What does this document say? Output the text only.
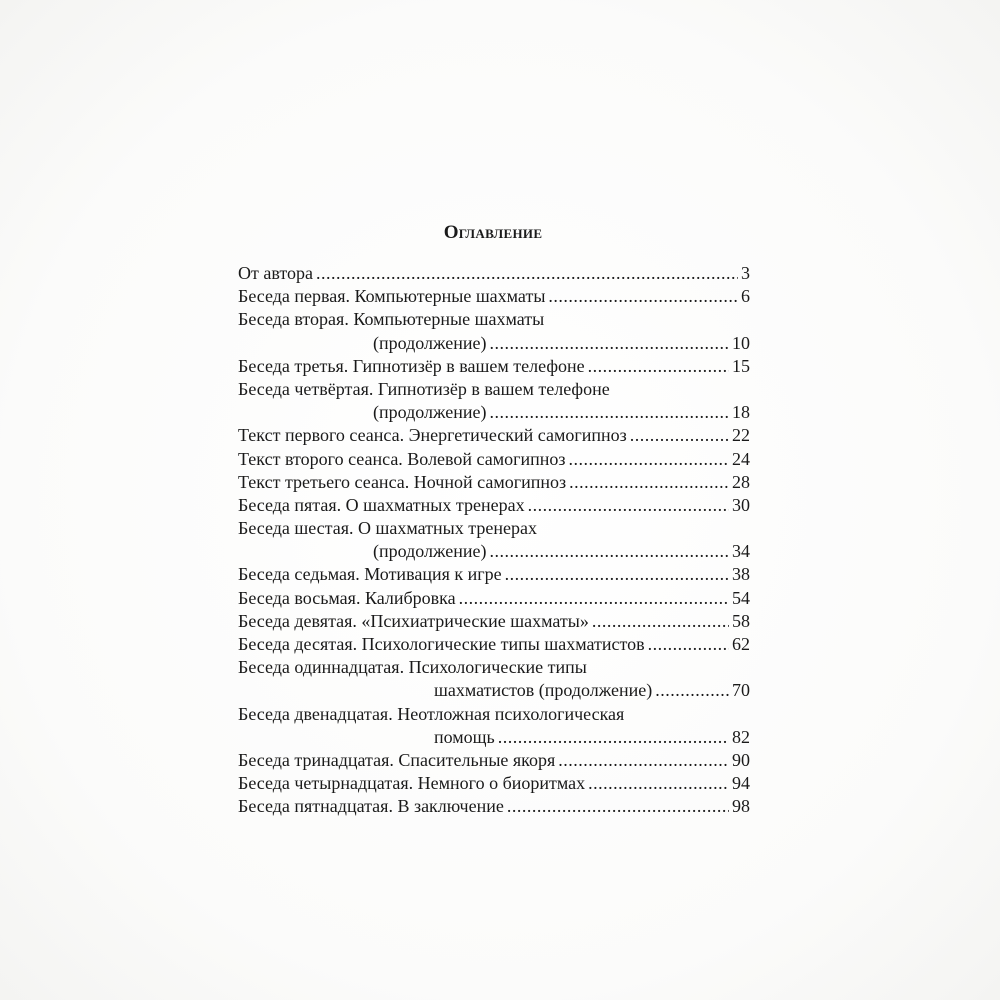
Оглавление
От автора .....	3
Беседа первая. Компьютерные шахматы .....	6
Беседа вторая. Компьютерные шахматы
(продолжение) .....	10
Беседа третья. Гипнотизёр в вашем телефоне .....	15
Беседа четвёртая. Гипнотизёр в вашем телефоне
(продолжение) .....	18
Текст первого сеанса. Энергетический самогипноз .....	22
Текст второго сеанса. Волевой самогипноз .....	24
Текст третьего сеанса. Ночной самогипноз .....	28
Беседа пятая. О шахматных тренерах .....	30
Беседа шестая. О шахматных тренерах
(продолжение) .....	34
Беседа седьмая. Мотивация к игре .....	38
Беседа восьмая. Калибровка .....	54
Беседа девятая. «Психиатрические шахматы» .....	58
Беседа десятая. Психологические типы шахматистов .....	62
Беседа одиннадцатая. Психологические типы
шахматистов (продолжение) .....	70
Беседа двенадцатая. Неотложная психологическая
помощь .....	82
Беседа тринадцатая. Спасительные якоря .....	90
Беседа четырнадцатая. Немного о биоритмах .....	94
Беседа пятнадцатая. В заключение .....	98
